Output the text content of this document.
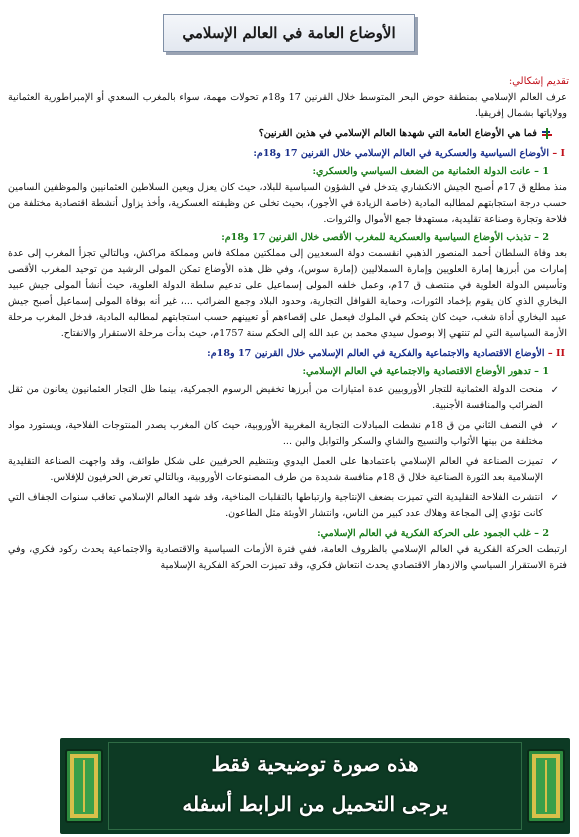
الأوضاع العامة في العالم الإسلامي
تقديم إشكالي:

عرف العالم الإسلامي بمنطقة حوض البحر المتوسط خلال القرنين 17 و18م تحولات مهمة، سواء بالمغرب السعدي أو الإمبراطورية العثمانية وولاياتها بشمال إفريقيا.

فما هي الأوضاع العامة التي شهدها العالم الإسلامي في هذين القرنين؟
I – الأوضاع السياسية والعسكرية في العالم الإسلامي خلال القرنين 17 و18م:
1 – عانت الدولة العثمانية من الضعف السياسي والعسكري:

منذ مطلع ق 17م أصبح الجيش الانكشاري يتدخل في الشؤون السياسية للبلاد، حيث كان يعزل ويعين السلاطين العثمانيين والموظفين السامين حسب درجة استجابتهم لمطالبه المادية (خاصة الزيادة في الأجور)، بحيث تخلى عن وظيفته العسكرية، وأخذ يزاول أنشطة اقتصادية مختلفة من فلاحة وتجارة وصناعة تقليدية، مستهدفا جمع الأموال والثروات.

2 – تذبذب الأوضاع السياسية والعسكرية للمغرب الأقصى خلال القرنين 17 و18م:

بعد وفاة السلطان أحمد المنصور الذهبي انقسمت دولة السعديين إلى مملكتين مملكة فاس ومملكة مراكش، وبالتالي تجزأ المغرب إلى عدة إمارات من أبرزها إمارة العلويين وإمارة السملاليين (إمارة سوس)، وفي ظل هذه الأوضاع تمكن المولى الرشيد من توحيد المغرب الأقصى وتأسيس الدولة العلوية في منتصف ق 17م، وعمل خلفه المولى إسماعيل على تدعيم سلطة الدولة العلوية، حيث أنشأ المولى جيش عبيد البخاري الذي كان يقوم بإخماد الثورات، وحماية القوافل التجارية، وحدود البلاد وجمع الضرائب ...، غير أنه بوفاة المولى إسماعيل أصبح جيش عبيد البخاري أداة شغب، حيث كان يتحكم في الملوك فيعمل على إقصاءهم أو تعيينهم حسب استجابتهم لمطالبه المادية، فدخل المغرب مرحلة الأزمة السياسية التي لم تنتهي إلا بوصول سيدي محمد بن عبد الله إلى الحكم سنة 1757م، حيث بدأت مرحلة الاستقرار والانفتاح.

II – الأوضاع الاقتصادية والاجتماعية والفكرية في العالم الإسلامي خلال القرنين 17 و18م:
1 – تدهور الأوضاع الاقتصادية والاجتماعية في العالم الإسلامي:
✓
منحت الدولة العثمانية للتجار الأوروبيين عدة امتيازات من أبرزها تخفيض الرسوم الجمركية، بينما ظل التجار العثمانيون يعانون من ثقل الضرائب والمنافسة الأجنبية.
✓
في النصف الثاني من ق 18م نشطت المبادلات التجارية المغربية الأوروبية، حيث كان المغرب يصدر المنتوجات الفلاحية، ويستورد مواد مختلفة من بينها الأثواب والنسيج والشاي والسكر والتوابل والبن ...
✓
تميزت الصناعة في العالم الإسلامي باعتمادها على العمل اليدوي وبتنظيم الحرفيين على شكل طوائف، وقد واجهت الصناعة التقليدية الإسلامية بعد الثورة الصناعية خلال ق 18م منافسة شديدة من طرف المصنوعات الأوروبية، وبالتالي تعرض الحرفيون للإفلاس.
✓
انتشرت الفلاحة التقليدية التي تميزت بضعف الإنتاجية وارتباطها بالتقلبات المناخية، وقد شهد العالم الإسلامي تعاقب سنوات الجفاف التي كانت تؤدي إلى المجاعة وهلاك عدد كبير من الناس، وانتشار الأوبئة مثل الطاعون.
2 – غلب الجمود على الحركة الفكرية في العالم الإسلامي:

ارتبطت الحركة الفكرية في العالم الإسلامي بالظروف العامة، ففي فترة الأزمات السياسية والاقتصادية والاجتماعية يحدث ركود فكري، وفي فترة الاستقرار السياسي والازدهار الاقتصادي يحدث انتعاش فكري، وقد تميزت الحركة الفكرية الإسلامية

هذه صورة توضيحية فقط
يرجى التحميل من الرابط أسفله
